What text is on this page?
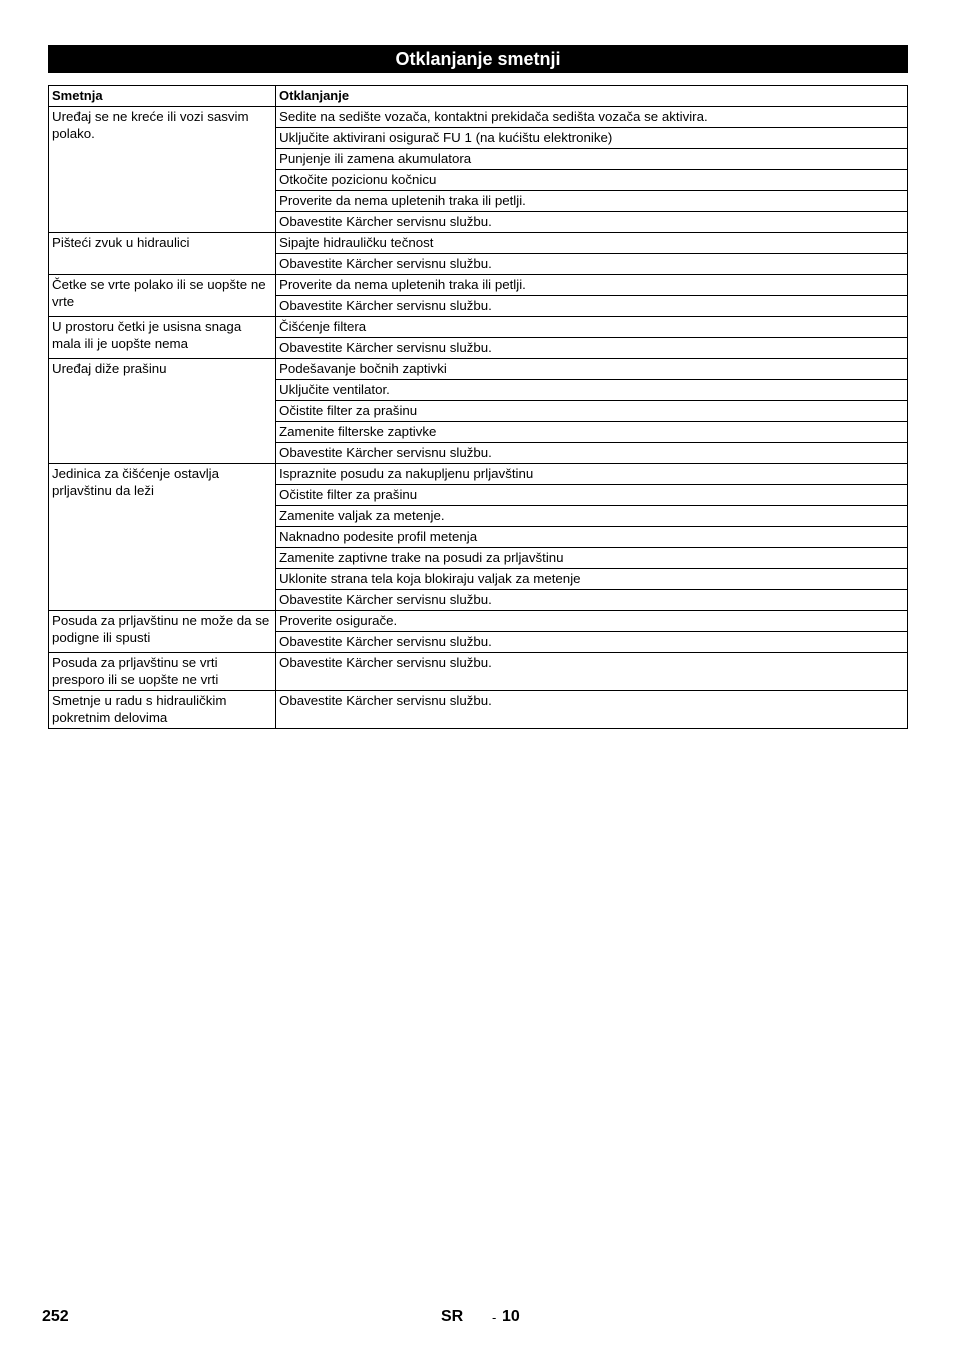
Otklanjanje smetnji
Smetnja	Otklanjanje
Uređaj se ne kreće ili vozi sasvim polako.	Sedite na sedište vozača, kontaktni prekidača sedišta vozača se aktivira.
	Uključite aktivirani osigurač FU 1 (na kućištu elektronike)
	Punjenje ili zamena akumulatora
	Otkočite pozicionu kočnicu
	Proverite da nema upletenih traka ili petlji.
	Obavestite Kärcher servisnu službu.
Pišteći zvuk u hidraulici	Sipajte hidrauličku tečnost
	Obavestite Kärcher servisnu službu.
Četke se vrte polako ili se uopšte ne vrte	Proverite da nema upletenih traka ili petlji.
	Obavestite Kärcher servisnu službu.
U prostoru četki je usisna snaga mala ili je uopšte nema	Čišćenje filtera
	Obavestite Kärcher servisnu službu.
Uređaj diže prašinu	Podešavanje bočnih zaptivki
	Uključite ventilator.
	Očistite filter za prašinu
	Zamenite filterske zaptivke
	Obavestite Kärcher servisnu službu.
Jedinica za čišćenje ostavlja prljavštinu da leži	Ispraznite posudu za nakupljenu prljavštinu
	Očistite filter za prašinu
	Zamenite valjak za metenje.
	Naknadno podesite profil metenja
	Zamenite zaptivne trake na posudi za prljavštinu
	Uklonite strana tela koja blokiraju valjak za metenje
	Obavestite Kärcher servisnu službu.
Posuda za prljavštinu ne može da se podigne ili spusti	Proverite osigurače.
	Obavestite Kärcher servisnu službu.
Posuda za prljavštinu se vrti presporo ili se uopšte ne vrti	Obavestite Kärcher servisnu službu.
Smetnje u radu s hidrauličkim pokretnim delovima	Obavestite Kärcher servisnu službu.
252	SR - 10
